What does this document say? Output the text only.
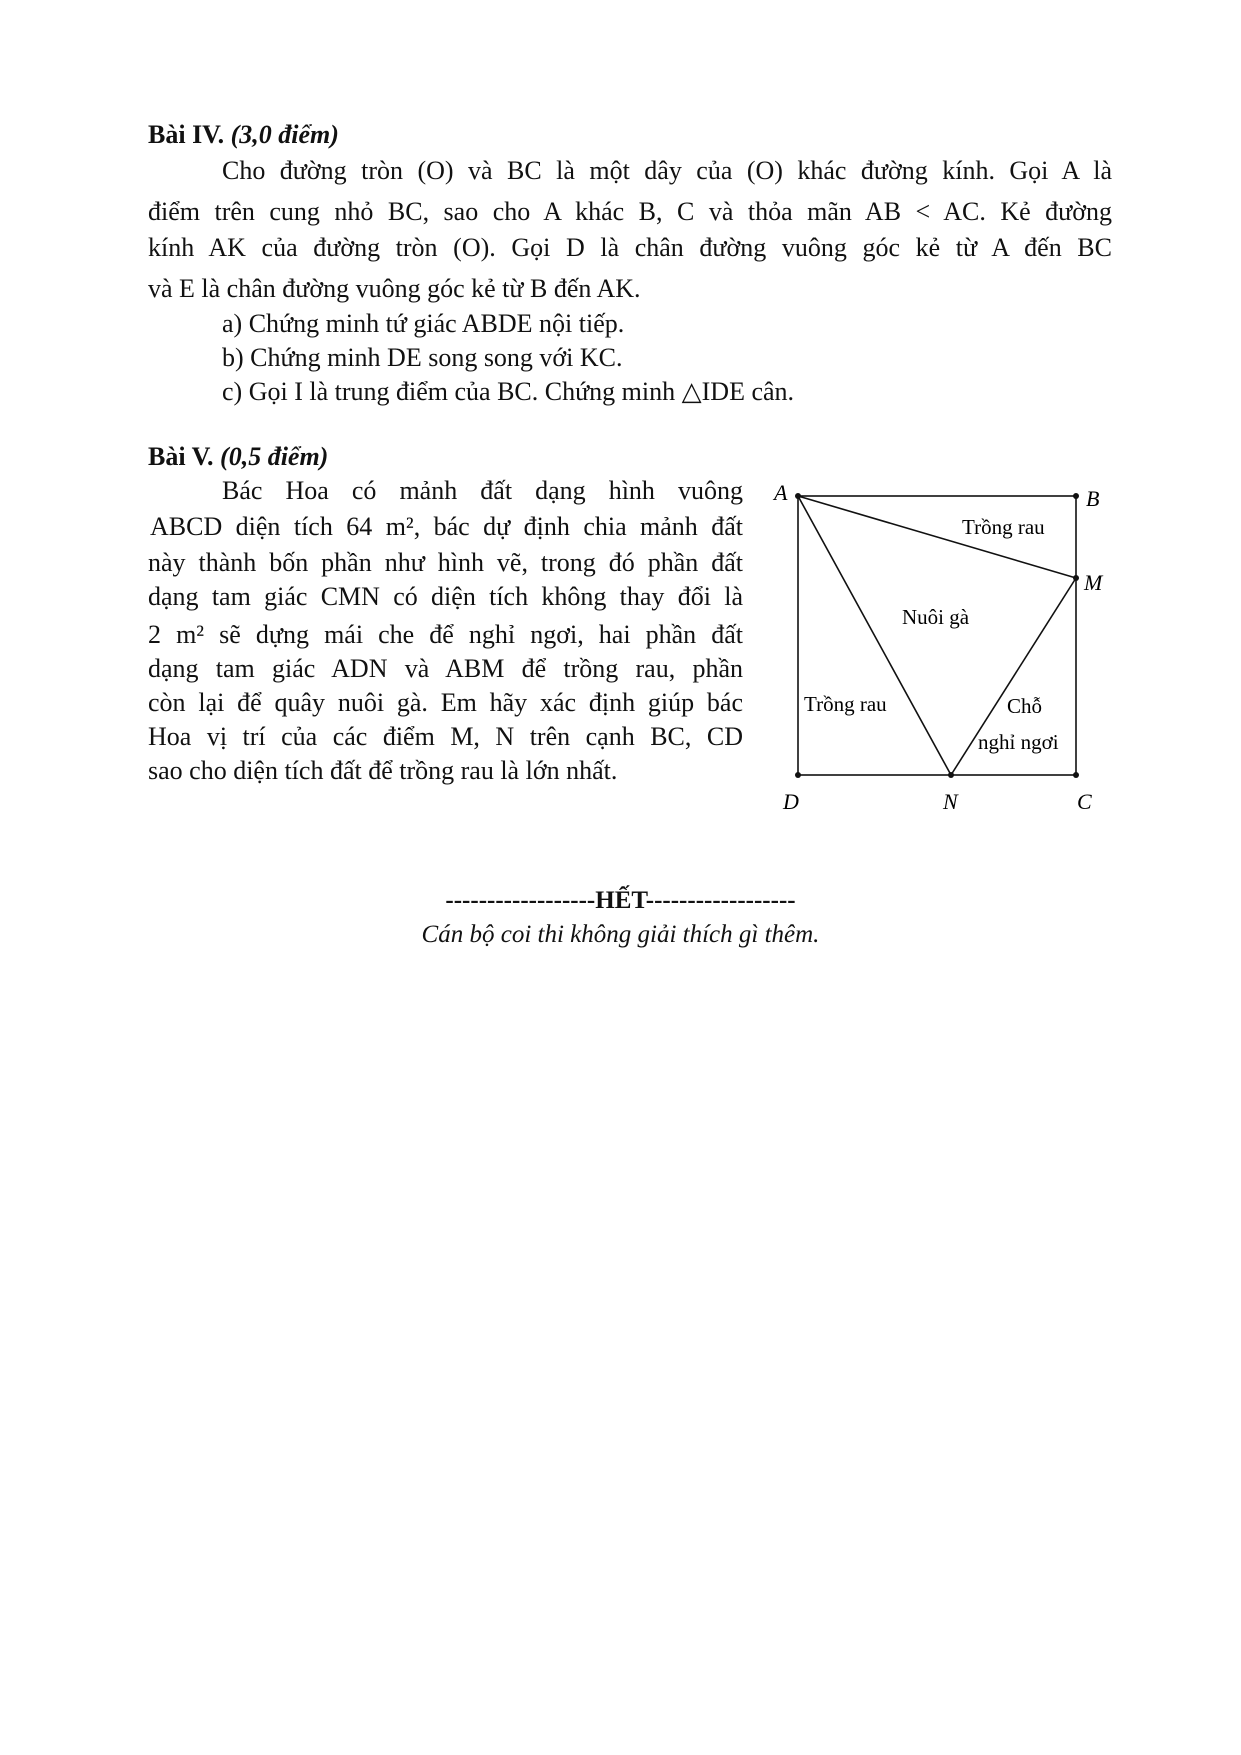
Bài IV. (3,0 điểm)
Cho đường tròn (O) và BC là một dây của (O) khác đường kính. Gọi A là
điểm trên cung nhỏ BC, sao cho A khác B, C và thỏa mãn AB < AC. Kẻ đường
kính AK của đường tròn (O). Gọi D là chân đường vuông góc kẻ từ A đến BC
và E là chân đường vuông góc kẻ từ B đến AK.
a) Chứng minh tứ giác ABDE nội tiếp.
b) Chứng minh DE song song với KC.
c) Gọi I là trung điểm của BC. Chứng minh △IDE cân.
Bài V. (0,5 điểm)
Bác Hoa có mảnh đất dạng hình vuông
ABCD diện tích 64 m², bác dự định chia mảnh đất
này thành bốn phần như hình vẽ, trong đó phần đất
dạng tam giác CMN có diện tích không thay đổi là
2 m² sẽ dựng mái che để nghỉ ngơi, hai phần đất
dạng tam giác ADN và ABM để trồng rau, phần
còn lại để quây nuôi gà. Em hãy xác định giúp bác
Hoa vị trí của các điểm M, N trên cạnh BC, CD
sao cho diện tích đất để trồng rau là lớn nhất.
A	B
M
D	N	C
Trồng rau
Nuôi gà
Trồng rau	Chỗ
nghỉ ngơi
------------------HẾT------------------
Cán bộ coi thi không giải thích gì thêm.
